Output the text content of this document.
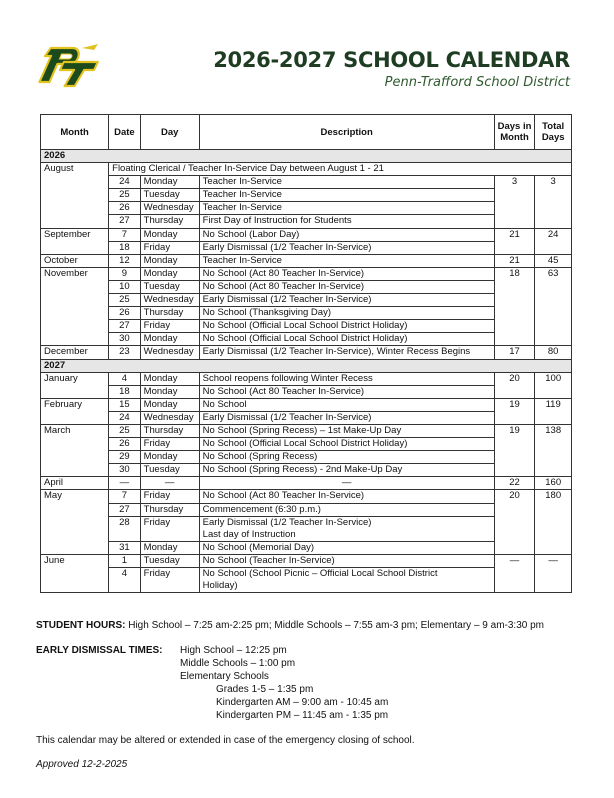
2026-2027 SCHOOL CALENDAR
Penn-Trafford School District
Month	Date	Day	Description	Days in Month	Total Days
2026					
August	Floating Clerical / Teacher In-Service Day between August 1 - 21				
	24	Monday	Teacher In-Service	3	3
	25	Tuesday	Teacher In-Service		
	26	Wednesday	Teacher In-Service		
	27	Thursday	First Day of Instruction for Students		
September	7	Monday	No School (Labor Day)	21	24
	18	Friday	Early Dismissal (1/2 Teacher In-Service)		
October	12	Monday	Teacher In-Service	21	45
November	9	Monday	No School (Act 80 Teacher In-Service)	18	63
	10	Tuesday	No School (Act 80 Teacher In-Service)		
	25	Wednesday	Early Dismissal (1/2 Teacher In-Service)		
	26	Thursday	No School (Thanksgiving Day)		
	27	Friday	No School (Official Local School District Holiday)		
	30	Monday	No School (Official Local School District Holiday)		
December	23	Wednesday	Early Dismissal (1/2 Teacher In-Service), Winter Recess Begins	17	80
2027					
January	4	Monday	School reopens following Winter Recess	20	100
	18	Monday	No School (Act 80 Teacher In-Service)		
February	15	Monday	No School	19	119
	24	Wednesday	Early Dismissal (1/2 Teacher In-Service)		
March	25	Thursday	No School (Spring Recess) – 1st Make-Up Day	19	138
	26	Friday	No School (Official Local School District Holiday)		
	29	Monday	No School (Spring Recess)		
	30	Tuesday	No School (Spring Recess) - 2nd Make-Up Day		
April	—	—	—	22	160
May	7	Friday	No School (Act 80 Teacher In-Service)	20	180
	27	Thursday	Commencement (6:30 p.m.)		
	28	Friday	Early Dismissal (1/2 Teacher In-Service)
Last day of Instruction		

	31	Monday	No School (Memorial Day)		
June	1	Tuesday	No School (Teacher In-Service)	—	—
	4	Friday	No School (School Picnic – Official Local School District
Holiday)		
STUDENT HOURS: High School – 7:25 am-2:25 pm; Middle Schools – 7:55 am-3 pm; Elementary – 9 am-3:30 pm
EARLY DISMISSAL TIMES: High School – 12:25 pm
Middle Schools – 1:00 pm
Elementary Schools
Grades 1-5 – 1:35 pm
Kindergarten AM – 9:00 am - 10:45 am
Kindergarten PM – 11:45 am - 1:35 pm
This calendar may be altered or extended in case of the emergency closing of school.
Approved 12-2-2025
